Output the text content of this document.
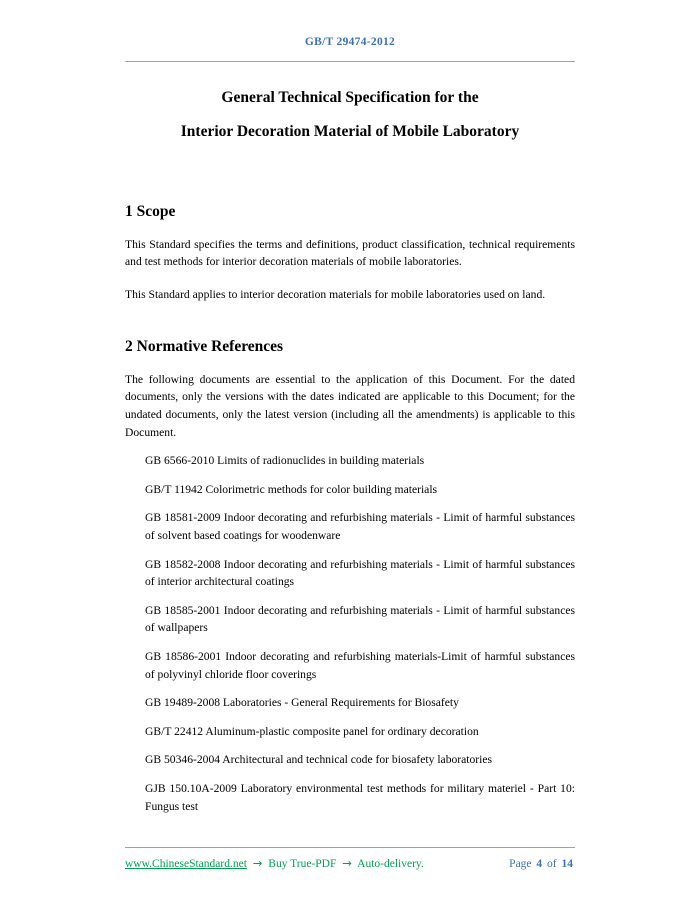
GB/T 29474-2012
General Technical Specification for the
Interior Decoration Material of Mobile Laboratory
1 Scope

This Standard specifies the terms and definitions, product classification, technical requirements and test methods for interior decoration materials of mobile laboratories.

This Standard applies to interior decoration materials for mobile laboratories used on land.

2 Normative References

The following documents are essential to the application of this Document. For the dated documents, only the versions with the dates indicated are applicable to this Document; for the undated documents, only the latest version (including all the amendments) is applicable to this Document.

GB 6566-2010 Limits of radionuclides in building materials

GB/T 11942 Colorimetric methods for color building materials

GB 18581-2009 Indoor decorating and refurbishing materials - Limit of harmful substances of solvent based coatings for woodenware

GB 18582-2008 Indoor decorating and refurbishing materials - Limit of harmful substances of interior architectural coatings

GB 18585-2001 Indoor decorating and refurbishing materials - Limit of harmful substances of wallpapers

GB 18586-2001 Indoor decorating and refurbishing materials-Limit of harmful substances of polyvinyl chloride floor coverings

GB 19489-2008 Laboratories - General Requirements for Biosafety

GB/T 22412 Aluminum-plastic composite panel for ordinary decoration

GB 50346-2004 Architectural and technical code for biosafety laboratories

GJB 150.10A-2009 Laboratory environmental test methods for military materiel - Part 10: Fungus test

www.ChineseStandard.net → Buy True-PDF → Auto-delivery.	Page 4 of 14
